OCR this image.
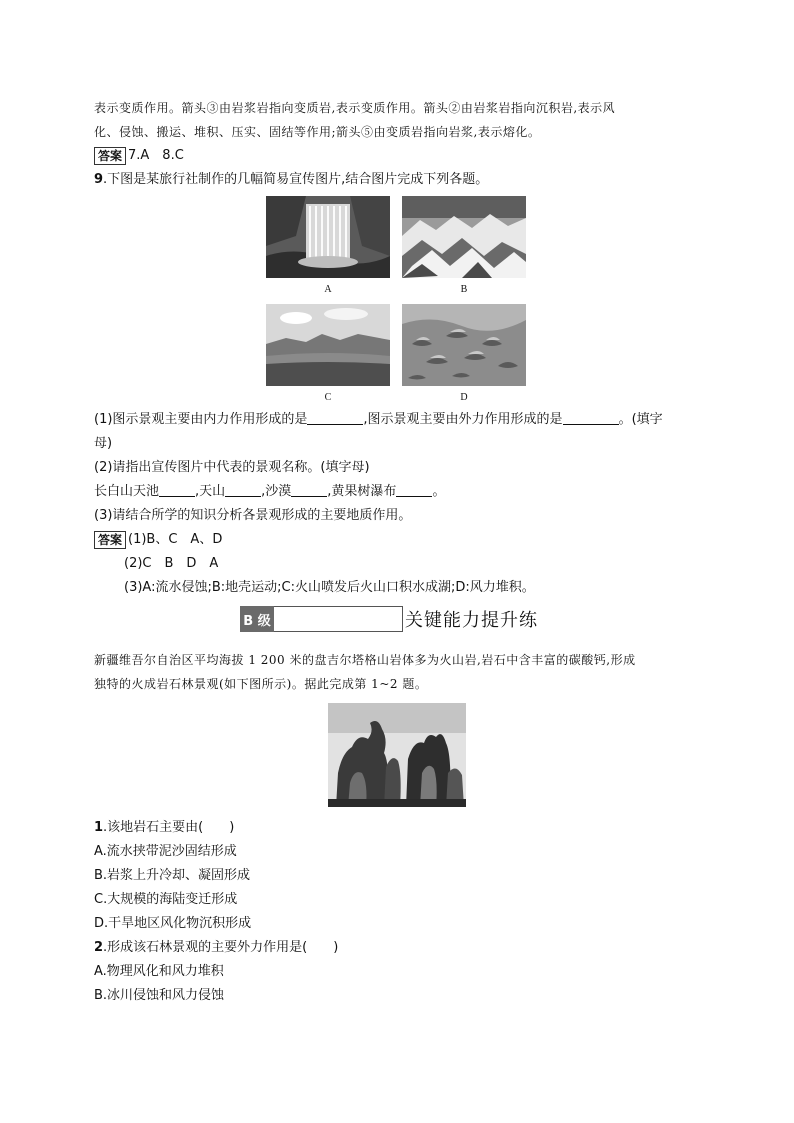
表示变质作用。箭头③由岩浆岩指向变质岩,表示变质作用。箭头②由岩浆岩指向沉积岩,表示风
化、侵蚀、搬运、堆积、压实、固结等作用;箭头⑤由变质岩指向岩浆,表示熔化。
答案 7.A　8.C
9.下图是某旅行社制作的几幅简易宣传图片,结合图片完成下列各题。
A	B
C	D
(1)图示景观主要由内力作用形成的是	,图示景观主要由外力作用形成的是	。(填字
母)
(2)请指出宣传图片中代表的景观名称。(填字母)
长白山天池	,天山	,沙漠	,黄果树瀑布	。
(3)请结合所学的知识分析各景观形成的主要地质作用。
答案 (1)B、C　A、D
(2)C　B　D　A
(3)A:流水侵蚀;B:地壳运动;C:火山喷发后火山口积水成湖;D:风力堆积。
B 级	关键能力提升练
新疆维吾尔自治区平均海拔 1 200 米的盘吉尔塔格山岩体多为火山岩,岩石中含丰富的碳酸钙,形成
独特的火成岩石林景观(如下图所示)。据此完成第 1~2 题。
1.该地岩石主要由(　　)
A.流水挟带泥沙固结形成
B.岩浆上升冷却、凝固形成
C.大规模的海陆变迁形成
D.干旱地区风化物沉积形成
2.形成该石林景观的主要外力作用是(　　)
A.物理风化和风力堆积
B.冰川侵蚀和风力侵蚀
